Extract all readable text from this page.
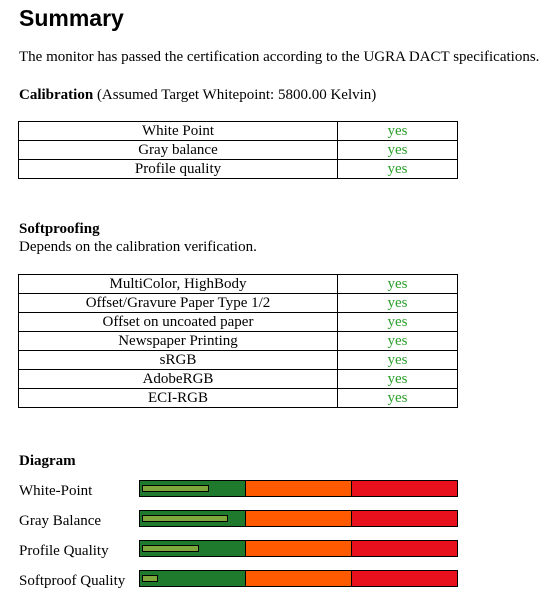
Summary
The monitor has passed the certification according to the UGRA DACT specifications.
Calibration (Assumed Target Whitepoint: 5800.00 Kelvin)
White Point	yes
Gray balance	yes
Profile quality	yes
Softproofing
Depends on the calibration verification.
MultiColor, HighBody	yes
Offset/Gravure Paper Type 1/2	yes
Offset on uncoated paper	yes
Newspaper Printing	yes
sRGB	yes
AdobeRGB	yes
ECI-RGB	yes
Diagram
White-Point
Gray Balance
Profile Quality
Softproof Quality
